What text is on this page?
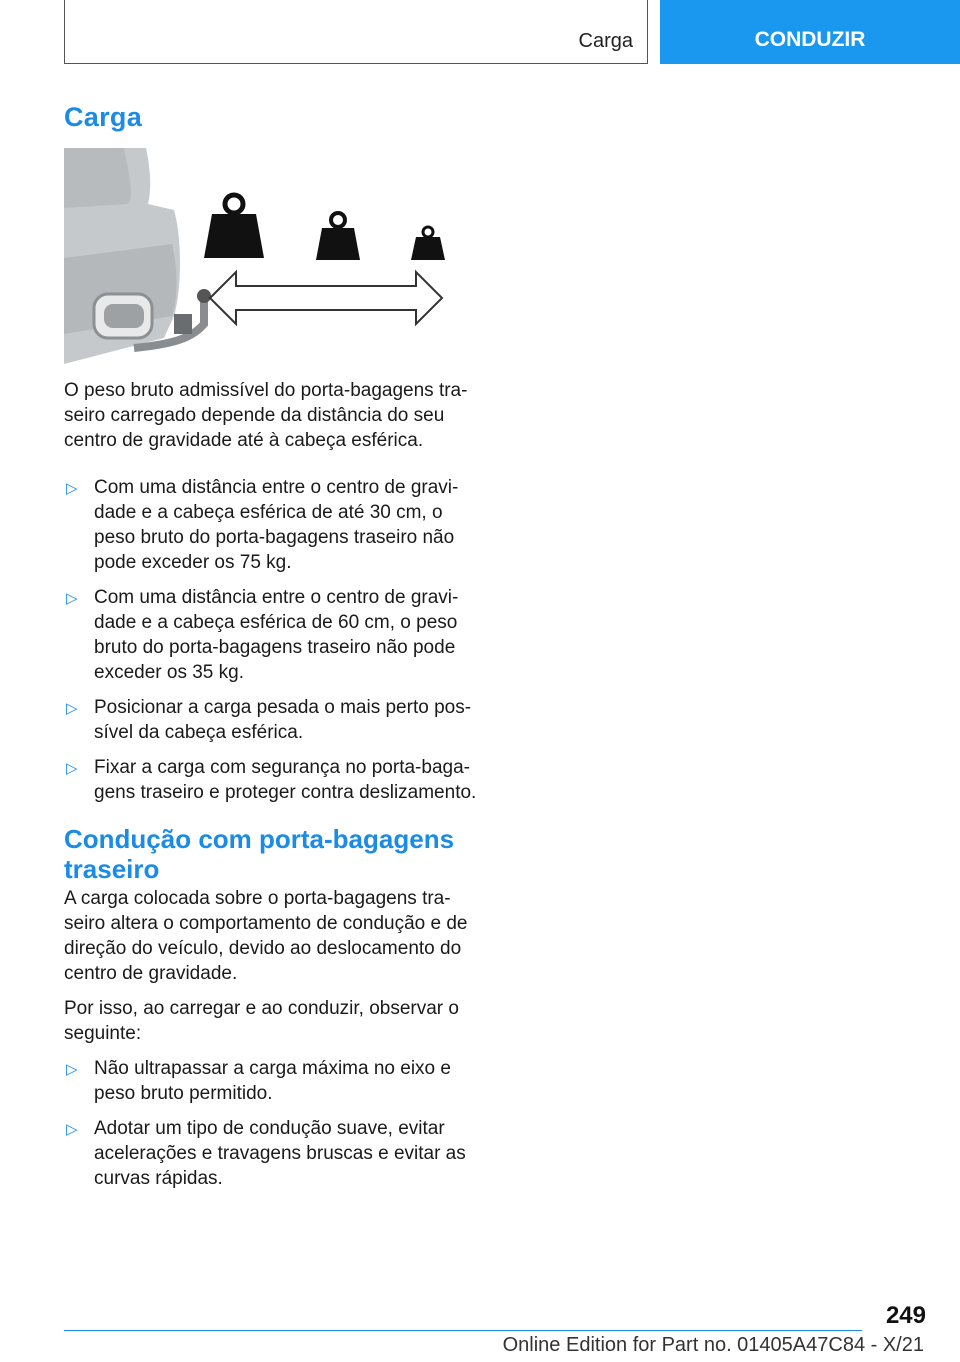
Carga	CONDUZIR
Carga

O peso bruto admissível do porta-bagagens tra-seiro carregado depende da distância do seu centro de gravidade até à cabeça esférica.

▷ Com uma distância entre o centro de gravi-dade e a cabeça esférica de até 30 cm, o peso bruto do porta-bagagens traseiro não pode exceder os 75 kg.
▷ Com uma distância entre o centro de gravi-dade e a cabeça esférica de 60 cm, o peso bruto do porta-bagagens traseiro não pode exceder os 35 kg.
▷ Posicionar a carga pesada o mais perto pos-sível da cabeça esférica.
▷ Fixar a carga com segurança no porta-baga-gens traseiro e proteger contra deslizamento.
Condução com porta-bagagens traseiro

A carga colocada sobre o porta-bagagens tra-seiro altera o comportamento de condução e de direção do veículo, devido ao deslocamento do centro de gravidade.

Por isso, ao carregar e ao conduzir, observar o seguinte:

▷ Não ultrapassar a carga máxima no eixo e peso bruto permitido.
▷ Adotar um tipo de condução suave, evitar acelerações e travagens bruscas e evitar as curvas rápidas.
249
Online Edition for Part no. 01405A47C84 - X/21
